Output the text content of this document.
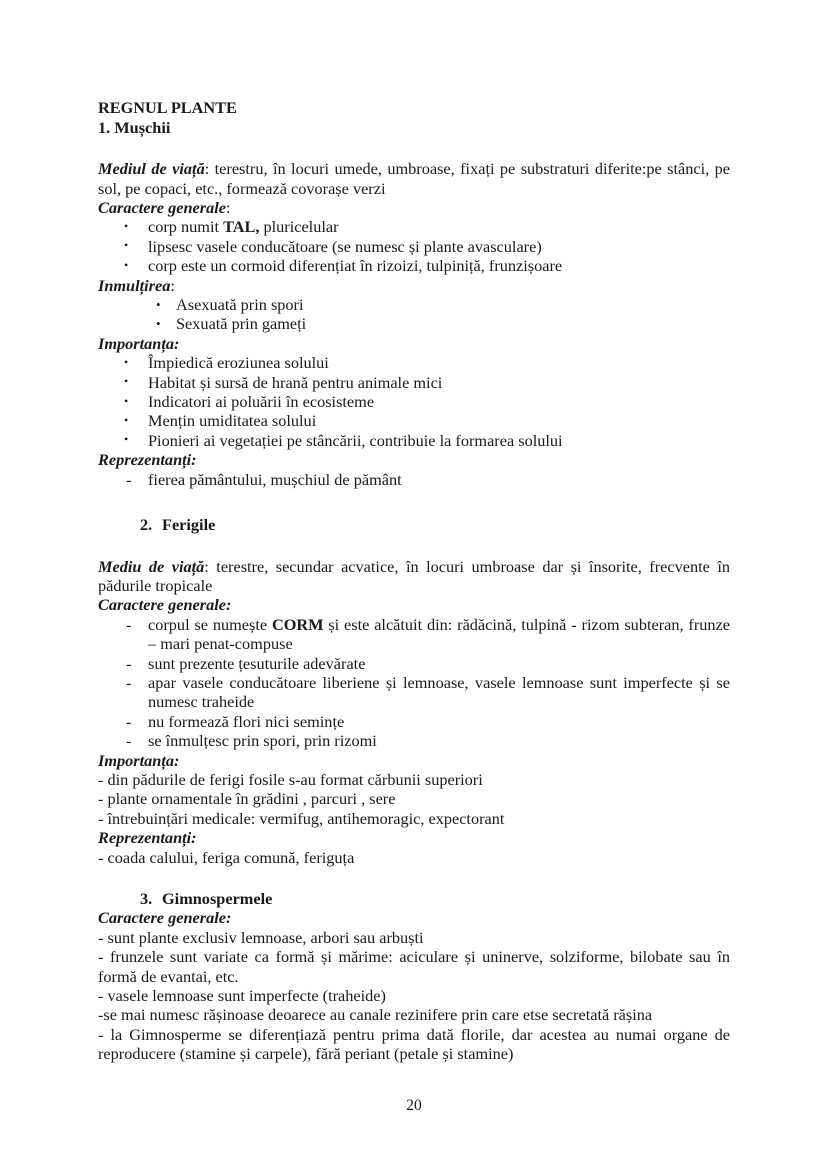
REGNUL PLANTE

1. Mușchii

Mediul de viață: terestru, în locuri umede, umbroase, fixați pe substraturi diferite:pe stânci, pe sol, pe copaci, etc., formează covorașe verzi

Caractere generale:

• corp numit TAL, pluricelular
• lipsesc vasele conducătoare (se numesc și plante avasculare)
• corp este un cormoid diferențiat în rizoizi, tulpiniță, frunzișoare

Inmulțirea:

• Asexuată prin spori
• Sexuată prin gameți

Importanța:

• Împiedică eroziunea solului
• Habitat și sursă de hrană pentru animale mici
• Indicatori ai poluării în ecosisteme
• Mențin umiditatea solului
• Pionieri ai vegetației pe stâncării, contribuie la formarea solului

Reprezentanți:

- fierea pământului, mușchiul de pământ

2. Ferigile

Mediu de viață: terestre, secundar acvatice, în locuri umbroase dar și însorite, frecvente în pădurile tropicale

Caractere generale:

- corpul se numește CORM și este alcătuit din: rădăcină, tulpină - rizom subteran, frunze – mari penat-compuse
- sunt prezente țesuturile adevărate
- apar vasele conducătoare liberiene și lemnoase, vasele lemnoase sunt imperfecte și se numesc traheide
- nu formează flori nici semințe
- se înmulțesc prin spori, prin rizomi

Importanța:

- din pădurile de ferigi fosile s-au format cărbunii superiori

- plante ornamentale în grădini , parcuri , sere

- întrebuințări medicale: vermifug, antihemoragic, expectorant

Reprezentanți:

- coada calului, feriga comună, feriguța

3. Gimnospermele

Caractere generale:

- sunt plante exclusiv lemnoase, arbori sau arbuști

- frunzele sunt variate ca formă și mărime: aciculare și uninerve, solziforme, bilobate sau în formă de evantai, etc.

- vasele lemnoase sunt imperfecte (traheide)

-se mai numesc rășinoase deoarece au canale rezinifere prin care etse secretată rășina

- la Gimnosperme se diferențiază pentru prima dată florile, dar acestea au numai organe de reproducere (stamine și carpele), fără periant (petale și stamine)

20
